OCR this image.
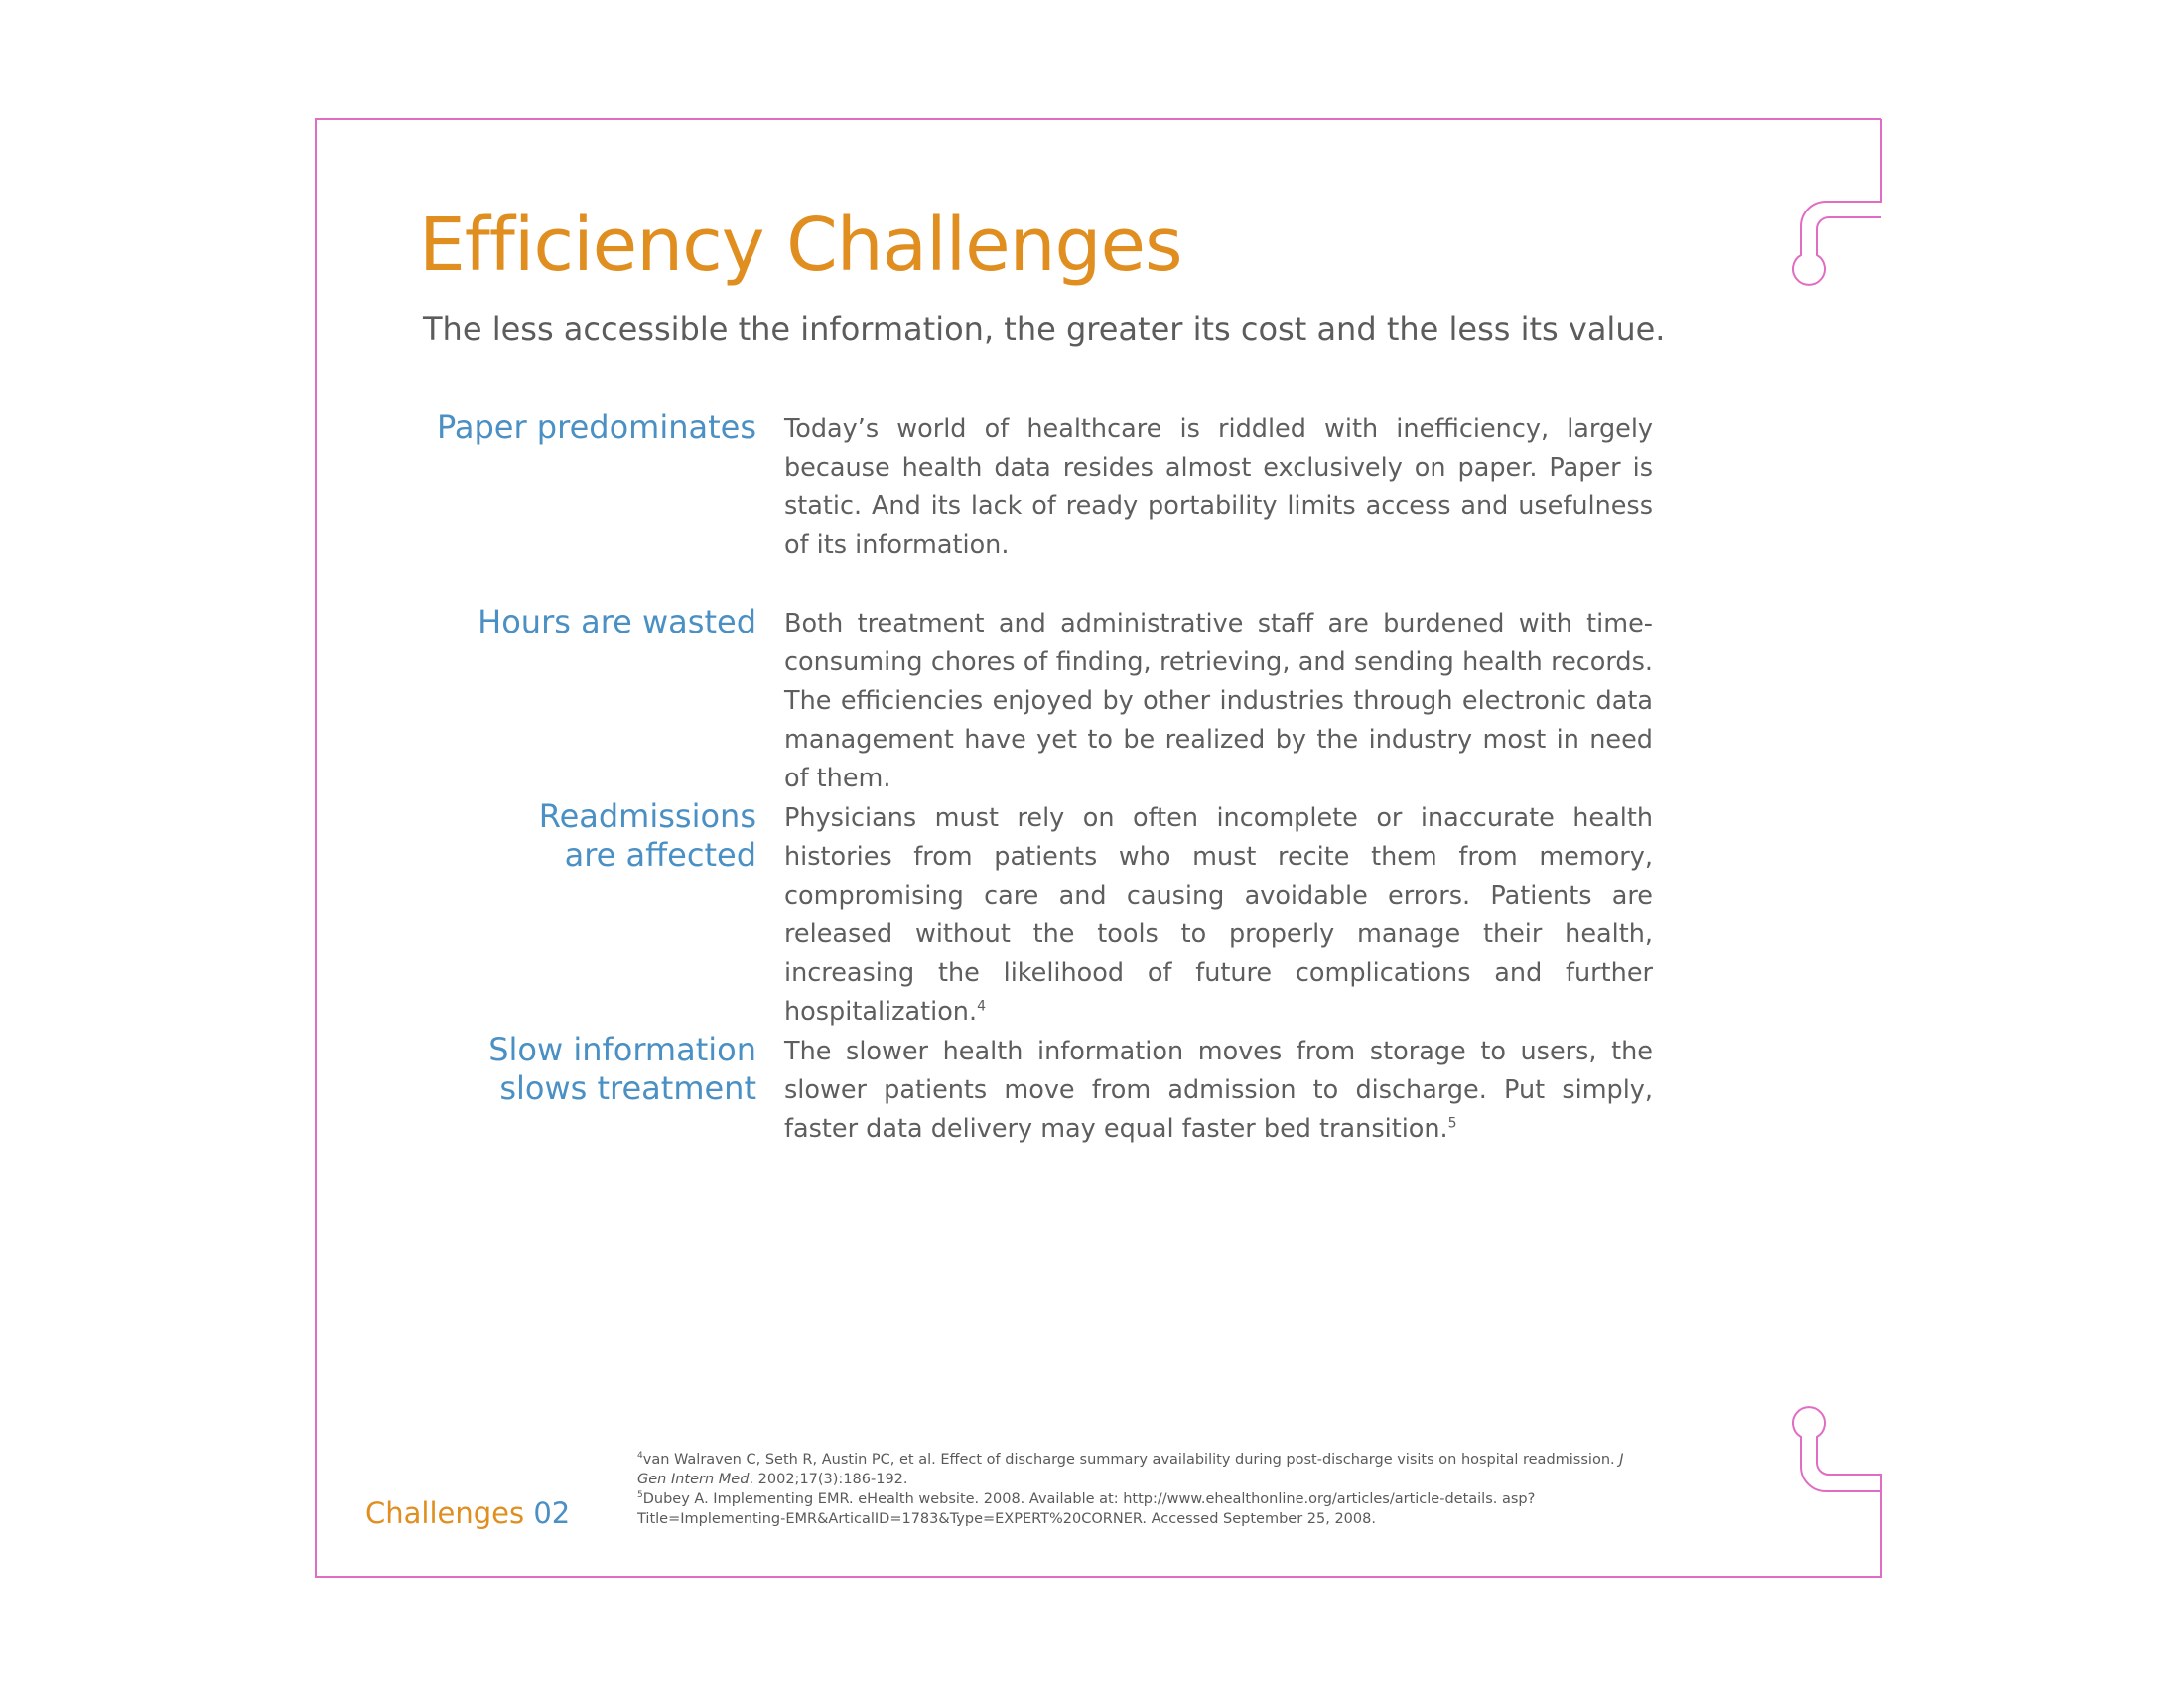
Efficiency Challenges

The less accessible the information, the greater its cost and the less its value.

Paper predominates Today’s world of healthcare is riddled with inefficiency, largely because health data resides almost exclusively on paper. Paper is static. And its lack of ready portability limits access and usefulness of its information.

Hours are wasted Both treatment and administrative staff are burdened with time-consuming chores of finding, retrieving, and sending health records. The efficiencies enjoyed by other industries through electronic data management have yet to be realized by the industry most in need of them.

Readmissions
are affected

Physicians must rely on often incomplete or inaccurate health histories from patients who must recite them from memory, compromising care and causing avoidable errors. Patients are released without the tools to properly manage their health, increasing the likelihood of future complications and further hospitalization.$^4$

Slow information
slows treatment

The slower health information moves from storage to users, the slower patients move from admission to discharge. Put simply, faster data delivery may equal faster bed transition.$^5$

$^4$van Walraven C, Seth R, Austin PC, et al. Effect of discharge summary availability during post-discharge visits on hospital readmission. J Gen Intern Med. 2002;17(3):186-192.

$^5$Dubey A. Implementing EMR. eHealth website. 2008. Available at: http://www.ehealthonline.org/articles/article-details. asp?Title=Implementing-EMR&ArticalID=1783&Type=EXPERT%20CORNER. Accessed September 25, 2008.

Challenges 02
